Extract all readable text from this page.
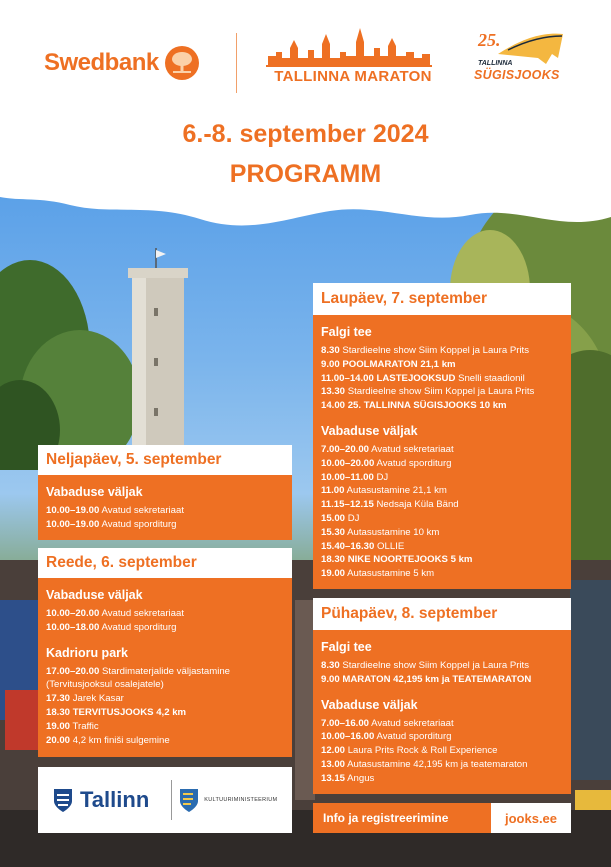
Swedbank
TALLINNA MARATON
25.
TALLINNA
SÜGISJOOKS
6.-8. september 2024
PROGRAMM
Neljapäev, 5. september
Vabaduse väljak
10.00–19.00 Avatud sekretariaat
10.00–19.00 Avatud sporditurg
Reede, 6. september
Vabaduse väljak
10.00–20.00 Avatud sekretariaat
10.00–18.00 Avatud sporditurg
Kadrioru park
17.00–20.00 Stardimaterjalide väljastamine
(Tervitusjooksul osalejatele)
17.30 Jarek Kasar
18.30 TERVITUSJOOKS 4,2 km
19.00 Traffic
20.00 4,2 km finiši sulgemine
Laupäev, 7. september
Falgi tee
8.30 Stardieelne show Siim Koppel ja Laura Prits
9.00 POOLMARATON 21,1 km
11.00–14.00 LASTEJOOKSUD Snelli staadionil
13.30 Stardieelne show Siim Koppel ja Laura Prits
14.00 25. TALLINNA SÜGISJOOKS 10 km
Vabaduse väljak
7.00–20.00 Avatud sekretariaat
10.00–20.00 Avatud sporditurg
10.00–11.00 DJ
11.00 Autasustamine 21,1 km
11.15–12.15 Nedsaja Küla Bänd
15.00 DJ
15.30 Autasustamine 10 km
15.40–16.30 OLLIE
18.30 NIKE NOORTEJOOKS 5 km
19.00 Autasustamine 5 km
Pühapäev, 8. september
Falgi tee
8.30 Stardieelne show Siim Koppel ja Laura Prits
9.00 MARATON 42,195 km ja TEATEMARATON
Vabaduse väljak
7.00–16.00 Avatud sekretariaat
10.00–16.00 Avatud sporditurg
12.00 Laura Prits Rock & Roll Experience
13.00 Autasustamine 42,195 km ja teatemaraton
13.15 Angus
Tallinn	KULTUURIMINISTEERIUM
Info ja registreerimine	jooks.ee
